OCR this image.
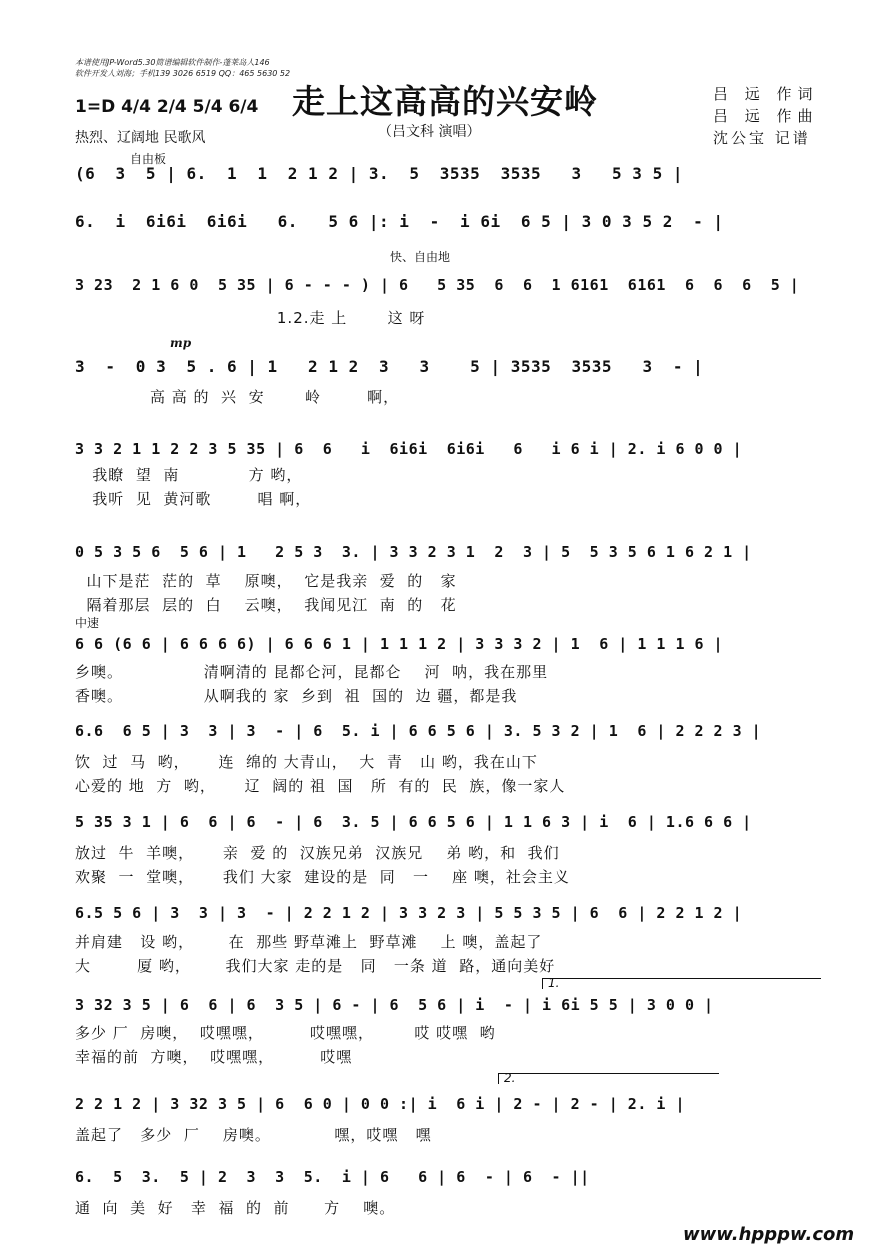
本谱使用JP-Word5.30简谱编辑软件制作-蓬莱岛人146
软件开发人刘海；手机139 3026 6519 QQ：465 5630 52
1=D 4/4 2/4 5/4 6/4 走上这高高的兴安岭
（吕文科 演唱）
吕 远 作词
吕 远 作曲
沈公宝 记谱
热烈、辽阔地 民歌风
自由板
快、自由地
中速
mp
(6  3  5 | 6.  1  1  2 1 2 | 3.  5  3535  3535   3   5 3 5 |
6.  i  6i6i  6i6i   6.   5 6 |: i  -  i 6i  6 5 | 3 0 3 5 2  - |
3 23  2 1 6 0  5 35 | 6 - - - ) | 6   5 35  6  6  1 6161  6161  6  6  6  5 |
1.2.走 上       这 呀
3  -  0 3  5 . 6 | 1   2 1 2  3   3    5 | 3535  3535   3  - |
高 高 的  兴  安       岭        啊，
3 3 2 1 1 2 2 3 5 35 | 6  6   i  6i6i  6i6i   6   i 6 i | 2. i 6 0 0 |
我瞭  望  南            方 哟，
我听  见  黄河歌        唱 啊，
0 5 3 5 6  5 6 | 1   2 5 3  3. | 3 3 2 3 1  2  3 | 5  5 3 5 6 1 6 2 1 |
山下是茫  茫的  草    原噢，  它是我亲  爱  的   家
隔着那层  层的  白    云噢，  我闻见江  南  的   花
6 6 (6 6 | 6 6 6 6) | 6 6 6 1 | 1 1 1 2 | 3 3 3 2 | 1  6 | 1 1 1 6 |
乡噢。              清啊清的 昆都仑河，昆都仑    河  呐，我在那里
香噢。              从啊我的 家  乡到  祖  国的  边 疆，都是我
6.6  6 5 | 3  3 | 3  - | 6  5. i | 6 6 5 6 | 3. 5 3 2 | 1  6 | 2 2 2 3 |
饮  过  马  哟，     连  绵的 大青山，  大  青   山 哟，我在山下
心爱的 地  方  哟，     辽  阔的 祖  国   所  有的  民  族，像一家人
5 35 3 1 | 6  6 | 6  - | 6  3. 5 | 6 6 5 6 | 1 1 6 3 | i  6 | 1.6 6 6 |
放过  牛  羊噢，     亲  爱 的  汉族兄弟  汉族兄    弟 哟，和  我们
欢聚  一  堂噢，     我们 大家  建设的是  同   一    座 噢，社会主义
6.5 5 6 | 3  3 | 3  - | 2 2 1 2 | 3 3 2 3 | 5 5 3 5 | 6  6 | 2 2 1 2 |
并肩建   设 哟，      在  那些 野草滩上  野草滩    上 噢，盖起了
大        厦 哟，      我们大家 走的是   同   一条 道  路，通向美好
1.
3 32 3 5 | 6  6 | 6  3 5 | 6 - | 6  5 6 | i  - | i 6i 5 5 | 3 0 0 |
多少 厂  房噢，  哎嘿嘿，        哎嘿嘿，       哎 哎嘿  哟
幸福的前  方噢，  哎嘿嘿，        哎嘿
2.
2 2 1 2 | 3 32 3 5 | 6  6 0 | 0 0 :| i  6 i | 2 - | 2 - | 2. i |
盖起了   多少  厂    房噢。           嘿，哎嘿   嘿
6.  5  3.  5 | 2  3  3  5.  i | 6   6 | 6  - | 6  - ||
通  向  美  好   幸  福  的  前      方    噢。
www.hpppw.com
